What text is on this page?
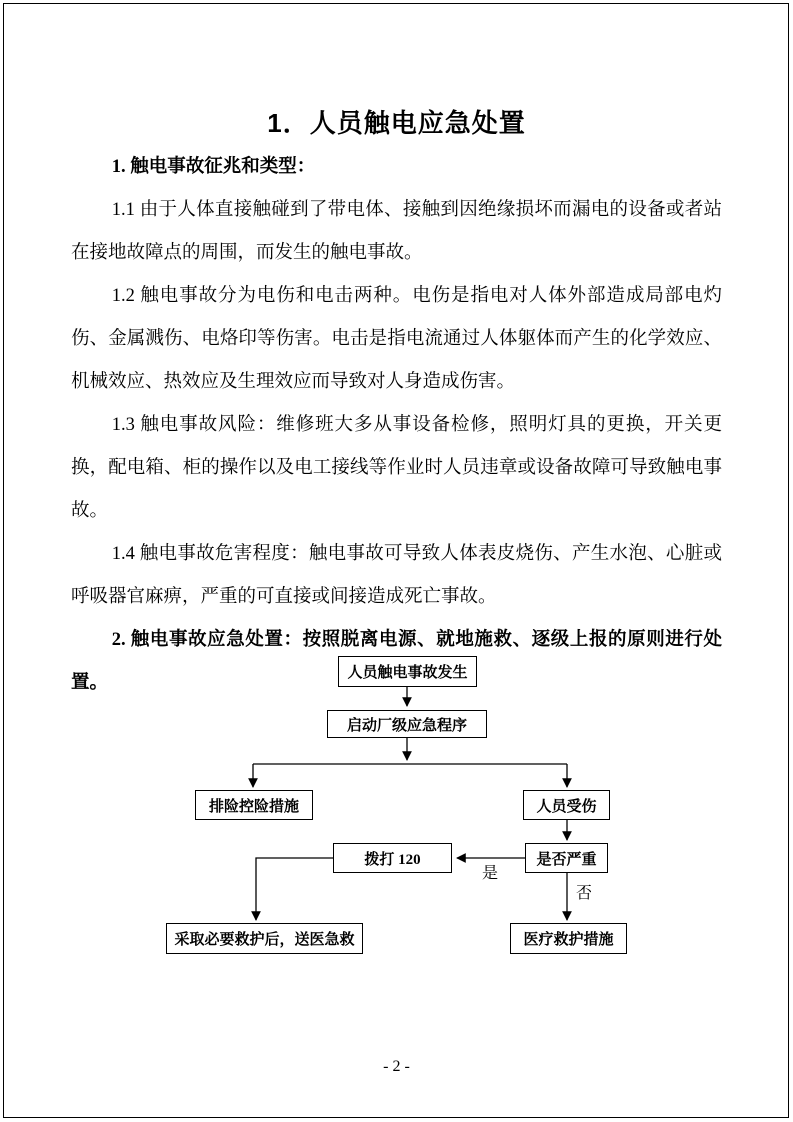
1．人员触电应急处置

1. 触电事故征兆和类型：

1.1 由于人体直接触碰到了带电体、接触到因绝缘损坏而漏电的设备或者站在接地故障点的周围，而发生的触电事故。

1.2 触电事故分为电伤和电击两种。电伤是指电对人体外部造成局部电灼伤、金属溅伤、电烙印等伤害。电击是指电流通过人体躯体而产生的化学效应、机械效应、热效应及生理效应而导致对人身造成伤害。

1.3 触电事故风险：维修班大多从事设备检修，照明灯具的更换，开关更换，配电箱、柜的操作以及电工接线等作业时人员违章或设备故障可导致触电事故。

1.4 触电事故危害程度：触电事故可导致人体表皮烧伤、产生水泡、心脏或呼吸器官麻痹，严重的可直接或间接造成死亡事故。

2. 触电事故应急处置：按照脱离电源、就地施救、逐级上报的原则进行处置。	人员触电事故发生
启动厂级应急程序
排险控险措施	人员受伤
是否严重
拨打 120
采取必要救护后，送医急救	医疗救护措施
是
否
- 2 -
